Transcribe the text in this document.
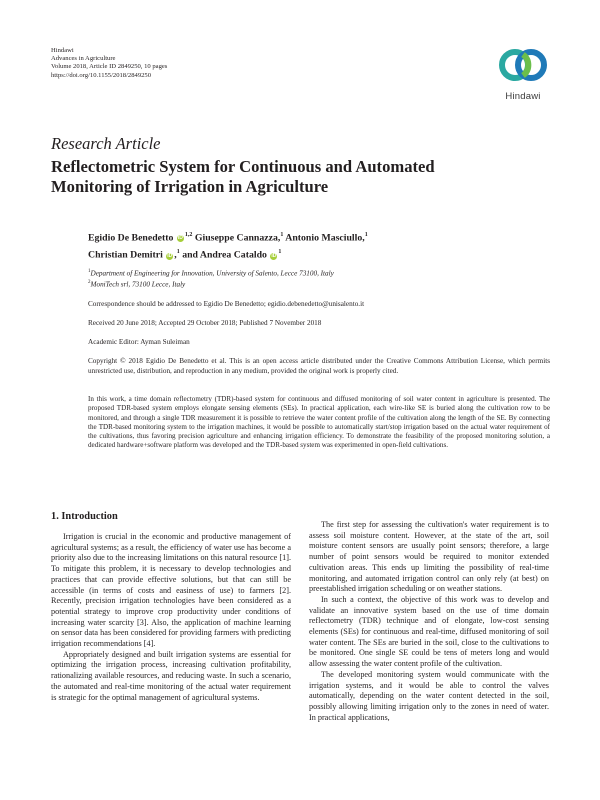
Hindawi
Advances in Agriculture
Volume 2018, Article ID 2849250, 10 pages
https://doi.org/10.1155/2018/2849250
Hindawi
Research Article
Reflectometric System for Continuous and Automated Monitoring of Irrigation in Agriculture
Egidio De Benedetto iD$^{1,2}$ Giuseppe Cannazza,$^1$ Antonio Masciullo,$^1$
Christian Demitri iD ,$^1$ and Andrea Cataldo $iD^1$
$^1$Department of Engineering for Innovation, University of Salento, Lecce 73100, Italy
$^2$MoniTech srl, 73100 Lecce, Italy
Correspondence should be addressed to Egidio De Benedetto; egidio.debenedetto@unisalento.it
Received 20 June 2018; Accepted 29 October 2018; Published 7 November 2018
Academic Editor: Ayman Suleiman
Copyright © 2018 Egidio De Benedetto et al. This is an open access article distributed under the Creative Commons Attribution License, which permits unrestricted use, distribution, and reproduction in any medium, provided the original work is properly cited.
In this work, a time domain reflectometry (TDR)-based system for continuous and diffused monitoring of soil water content in agriculture is presented. The proposed TDR-based system employs elongate sensing elements (SEs). In practical application, each wire-like SE is buried along the cultivation row to be monitored, and through a single TDR measurement it is possible to retrieve the water content profile of the cultivation along the length of the SE. By connecting the TDR-based monitoring system to the irrigation machines, it would be possible to automatically start/stop irrigation based on the actual water requirement of the cultivations, thus favoring precision agriculture and enhancing irrigation efficiency. To demonstrate the feasibility of the proposed monitoring solution, a dedicated hardware+software platform was developed and the TDR-based system was experimented in open-field cultivations.
1. Introduction

Irrigation is crucial in the economic and productive management of agricultural systems; as a result, the efficiency of water use has become a priority also due to the increasing limitations on this natural resource [1]. To mitigate this problem, it is necessary to develop technologies and practices that can provide effective solutions, but that can still be accessible (in terms of costs and easiness of use) to farmers [2]. Recently, precision irrigation technologies have been considered as a potential strategy to improve crop productivity under conditions of increasing water scarcity [3]. Also, the application of machine learning on sensor data has been considered for providing farmers with predicting irrigation recommendations [4].

Appropriately designed and built irrigation systems are essential for optimizing the irrigation process, increasing cultivation profitability, rationalizing available resources, and reducing waste. In such a scenario, the automated and real-time monitoring of the actual water requirement is strategic for the optimal management of agricultural systems.

The first step for assessing the cultivation's water requirement is to assess soil moisture content. However, at the state of the art, soil moisture content sensors are usually point sensors; therefore, a large number of point sensors would be required to monitor extended cultivation areas. This ends up limiting the possibility of real-time monitoring, and automated irrigation control can only rely (at best) on preestablished irrigation scheduling or on weather stations.

In such a context, the objective of this work was to develop and validate an innovative system based on the use of time domain reflectometry (TDR) technique and of elongate, low-cost sensing elements (SEs) for continuous and real-time, diffused monitoring of soil water content. The SEs are buried in the soil, close to the cultivations to be monitored. One single SE could be tens of meters long and would allow assessing the water content profile of the cultivation.

The developed monitoring system would communicate with the irrigation systems, and it would be able to control the valves automatically, depending on the water content detected in the soil, possibly allowing limiting irrigation only to the zones in need of water. In practical applications,
